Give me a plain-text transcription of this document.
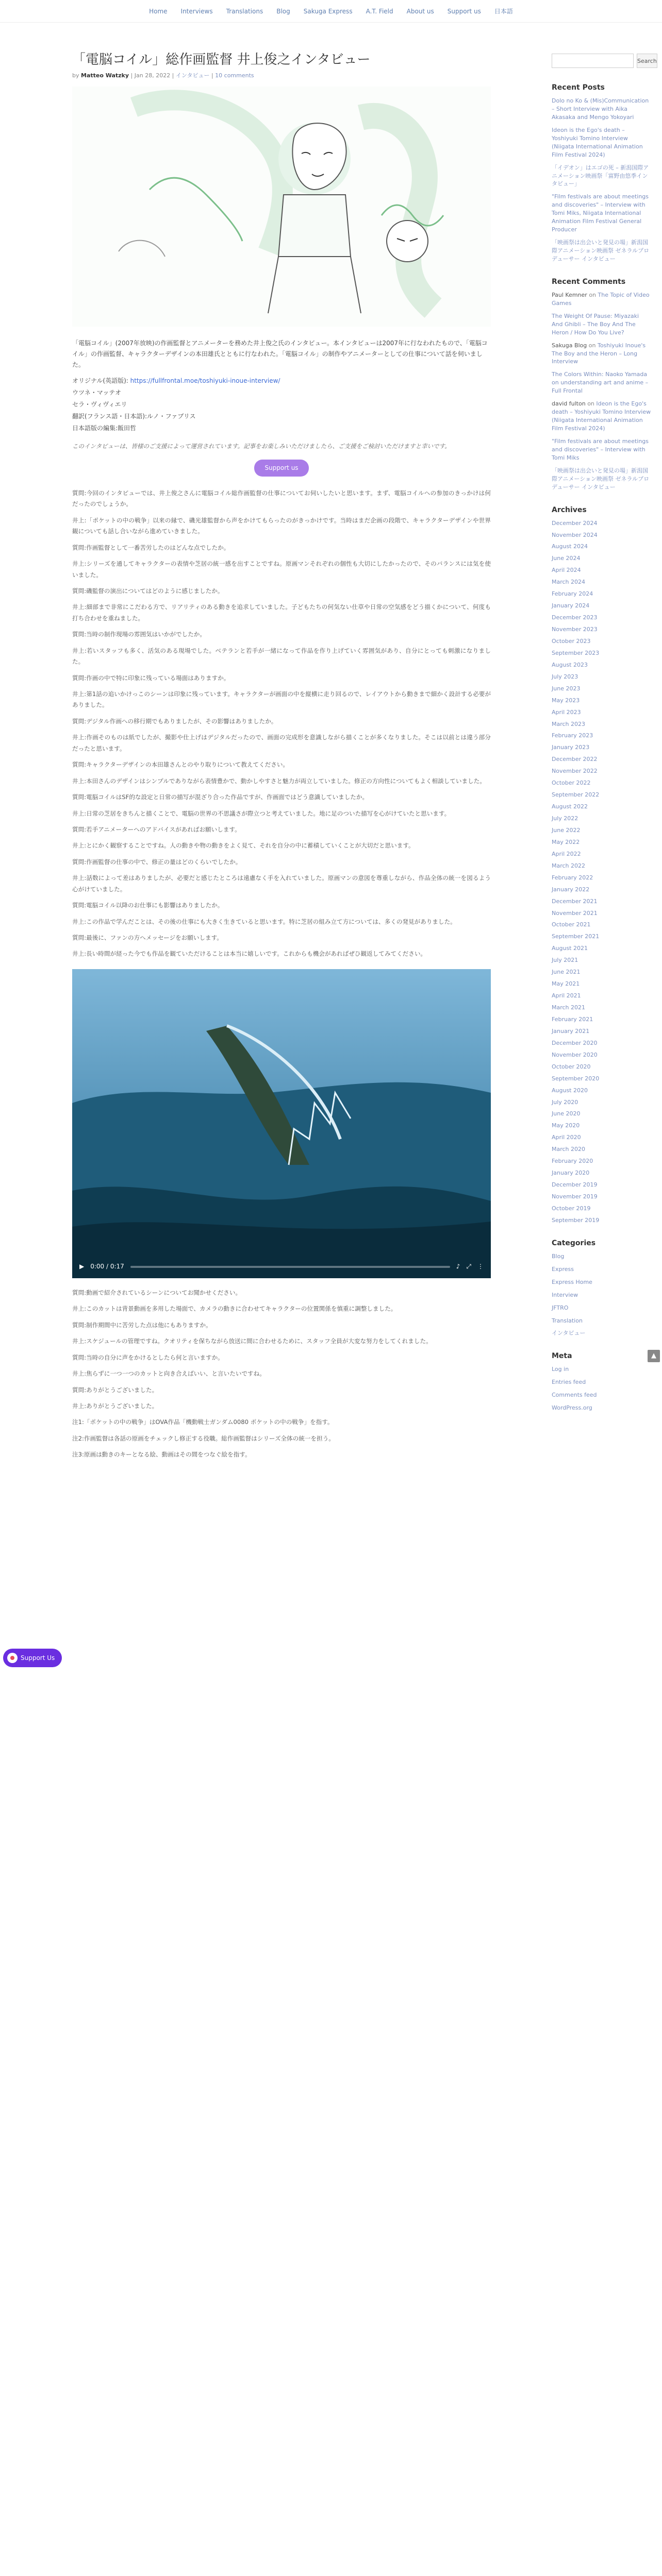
Home Interviews Translations Blog Sakuga Express A.T. Field About us Support us 日本語
「電脳コイル」総作画監督 井上俊之インタビュー
by Matteo Watzky | Jan 28, 2022 | インタビュー | 10 comments

「電脳コイル」(2007年放映)の作画監督とアニメーターを務めた井上俊之氏のインタビュー。本インタビューは2007年に行なわれたもので、「電脳コイル」の作画監督、キャラクターデザインの本田雄氏とともに行なわれた。「電脳コイル」の制作やアニメーターとしての仕事について話を伺いました。

オリジナル(英語版): https://fullfrontal.moe/toshiyuki-inoue-interview/
ウツネ・マッテオ
セラ・ヴィヴィエリ
翻訳(フランス語・日本語):ルノ・ファブリス
日本語版の編集:飯田哲

このインタビューは、皆様のご支援によって運営されています。記事をお楽しみいただけましたら、ご支援をご検討いただけますと幸いです。

Support us

質問:今回のインタビューでは、井上俊之さんに電脳コイル総作画監督の仕事についてお伺いしたいと思います。まず、電脳コイルへの参加のきっかけは何だったのでしょうか。

井上:「ポケットの中の戦争」以来の縁で、磯光雄監督から声をかけてもらったのがきっかけです。当時はまだ企画の段階で、キャラクターデザインや世界観についても話し合いながら進めていきました。

質問:作画監督として一番苦労したのはどんな点でしたか。

井上:シリーズを通してキャラクターの表情や芝居の統一感を出すことですね。原画マンそれぞれの個性も大切にしたかったので、そのバランスには気を使いました。

質問:磯監督の演出についてはどのように感じましたか。

井上:細部まで非常にこだわる方で、リアリティのある動きを追求していました。子どもたちの何気ない仕草や日常の空気感をどう描くかについて、何度も打ち合わせを重ねました。

質問:当時の制作現場の雰囲気はいかがでしたか。

井上:若いスタッフも多く、活気のある現場でした。ベテランと若手が一緒になって作品を作り上げていく雰囲気があり、自分にとっても刺激になりました。

質問:作画の中で特に印象に残っている場面はありますか。

井上:第1話の追いかけっこのシーンは印象に残っています。キャラクターが画面の中を縦横に走り回るので、レイアウトから動きまで細かく設計する必要がありました。

質問:デジタル作画への移行期でもありましたが、その影響はありましたか。

井上:作画そのものは紙でしたが、撮影や仕上げはデジタルだったので、画面の完成形を意識しながら描くことが多くなりました。そこは以前とは違う部分だったと思います。

質問:キャラクターデザインの本田雄さんとのやり取りについて教えてください。

井上:本田さんのデザインはシンプルでありながら表情豊かで、動かしやすさと魅力が両立していました。修正の方向性についてもよく相談していました。

質問:電脳コイルはSF的な設定と日常の描写が混ざり合った作品ですが、作画面ではどう意識していましたか。

井上:日常の芝居をきちんと描くことで、電脳の世界の不思議さが際立つと考えていました。地に足のついた描写を心がけていたと思います。

質問:若手アニメーターへのアドバイスがあればお願いします。

井上:とにかく観察することですね。人の動きや物の動きをよく見て、それを自分の中に蓄積していくことが大切だと思います。

質問:作画監督の仕事の中で、修正の量はどのくらいでしたか。

井上:話数によって差はありましたが、必要だと感じたところは遠慮なく手を入れていました。原画マンの意図を尊重しながら、作品全体の統一を図るよう心がけていました。

質問:電脳コイル以降のお仕事にも影響はありましたか。

井上:この作品で学んだことは、その後の仕事にも大きく生きていると思います。特に芝居の組み立て方については、多くの発見がありました。

質問:最後に、ファンの方へメッセージをお願いします。

井上:長い時間が経った今でも作品を観ていただけることは本当に嬉しいです。これからも機会があればぜひ観返してみてください。

▶ 0:00 / 0:17	♪ ⤢ ⋮

質問:動画で紹介されているシーンについてお聞かせください。

井上:このカットは背景動画を多用した場面で、カメラの動きに合わせてキャラクターの位置関係を慎重に調整しました。

質問:制作期間中に苦労した点は他にもありますか。

井上:スケジュールの管理ですね。クオリティを保ちながら放送に間に合わせるために、スタッフ全員が大変な努力をしてくれました。

質問:当時の自分に声をかけるとしたら何と言いますか。

井上:焦らずに一つ一つのカットと向き合えばいい、と言いたいですね。

質問:ありがとうございました。

井上:ありがとうございました。

注1:「ポケットの中の戦争」はOVA作品「機動戦士ガンダム0080 ポケットの中の戦争」を指す。

注2:作画監督は各話の原画をチェックし修正する役職。総作画監督はシリーズ全体の統一を担う。

注3:原画は動きのキーとなる絵、動画はその間をつなぐ絵を指す。

Search
Recent Posts
Dolo no Ko & (Mis)Communication – Short Interview with Aika Akasaka and Mengo Yokoyari
Ideon is the Ego's death – Yoshiyuki Tomino Interview (Niigata International Animation Film Festival 2024)
「イデオン」はエゴの死 – 新潟国際アニメーション映画祭「富野由悠季インタビュー」
"Film festivals are about meetings and discoveries" – Interview with Tomi Miks, Niigata International Animation Film Festival General Producer
「映画祭は出会いと発見の場」新潟国際アニメーション映画祭 ゼネラルプロデューサー インタビュー
Recent Comments
Paul Kemner on The Topic of Video Games
The Weight Of Pause: Miyazaki And Ghibli – The Boy And The Heron / How Do You Live?
Sakuga Blog on Toshiyuki Inoue's The Boy and the Heron – Long Interview
The Colors Within: Naoko Yamada on understanding art and anime – Full Frontal
david fulton on Ideon is the Ego's death – Yoshiyuki Tomino Interview (Niigata International Animation Film Festival 2024)
"Film festivals are about meetings and discoveries" – Interview with Tomi Miks
「映画祭は出会いと発見の場」新潟国際アニメーション映画祭 ゼネラルプロデューサー インタビュー
Archives
December 2024
November 2024
August 2024
June 2024
April 2024
March 2024
February 2024
January 2024
December 2023
November 2023
October 2023
September 2023
August 2023
July 2023
June 2023
May 2023
April 2023
March 2023
February 2023
January 2023
December 2022
November 2022
October 2022
September 2022
August 2022
July 2022
June 2022
May 2022
April 2022
March 2022
February 2022
January 2022
December 2021
November 2021
October 2021
September 2021
August 2021
July 2021
June 2021
May 2021
April 2021
March 2021
February 2021
January 2021
December 2020
November 2020
October 2020
September 2020
August 2020
July 2020
June 2020
May 2020
April 2020
March 2020
February 2020
January 2020
December 2019
November 2019
October 2019
September 2019
Categories
Blog
Express
Express Home
Interview
JFTRO
Translation
インタビュー
Meta
Log in
Entries feed
Comments feed
WordPress.org
▲
Support Us
